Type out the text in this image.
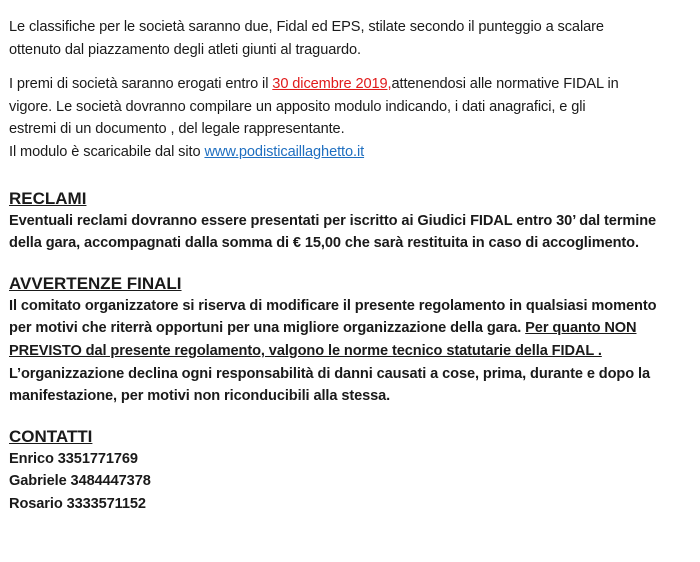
Le classifiche per le società saranno due, Fidal ed EPS, stilate secondo il punteggio a scalare

ottenuto dal piazzamento degli atleti giunti al traguardo.

I premi di società saranno erogati entro il 30 dicembre 2019,attenendosi alle normative FIDAL in

vigore. Le società dovranno compilare un apposito modulo indicando, i dati anagrafici, e gli

estremi di un documento , del legale rappresentante.

Il modulo è scaricabile dal sito www.podisticaillaghetto.it

RECLAMI

Eventuali reclami dovranno essere presentati per iscritto ai Giudici FIDAL entro 30’ dal termine

della gara, accompagnati dalla somma di € 15,00 che sarà restituita in caso di accoglimento.

AVVERTENZE FINALI

Il comitato organizzatore si riserva di modificare il presente regolamento in qualsiasi momento

per motivi che riterrà opportuni per una migliore organizzazione della gara. Per quanto NON

PREVISTO dal presente regolamento, valgono le norme tecnico statutarie della FIDAL .

L’organizzazione declina ogni responsabilità di danni causati a cose, prima, durante e dopo la

manifestazione, per motivi non riconducibili alla stessa.

CONTATTI

Enrico 3351771769

Gabriele 3484447378

Rosario 3333571152
